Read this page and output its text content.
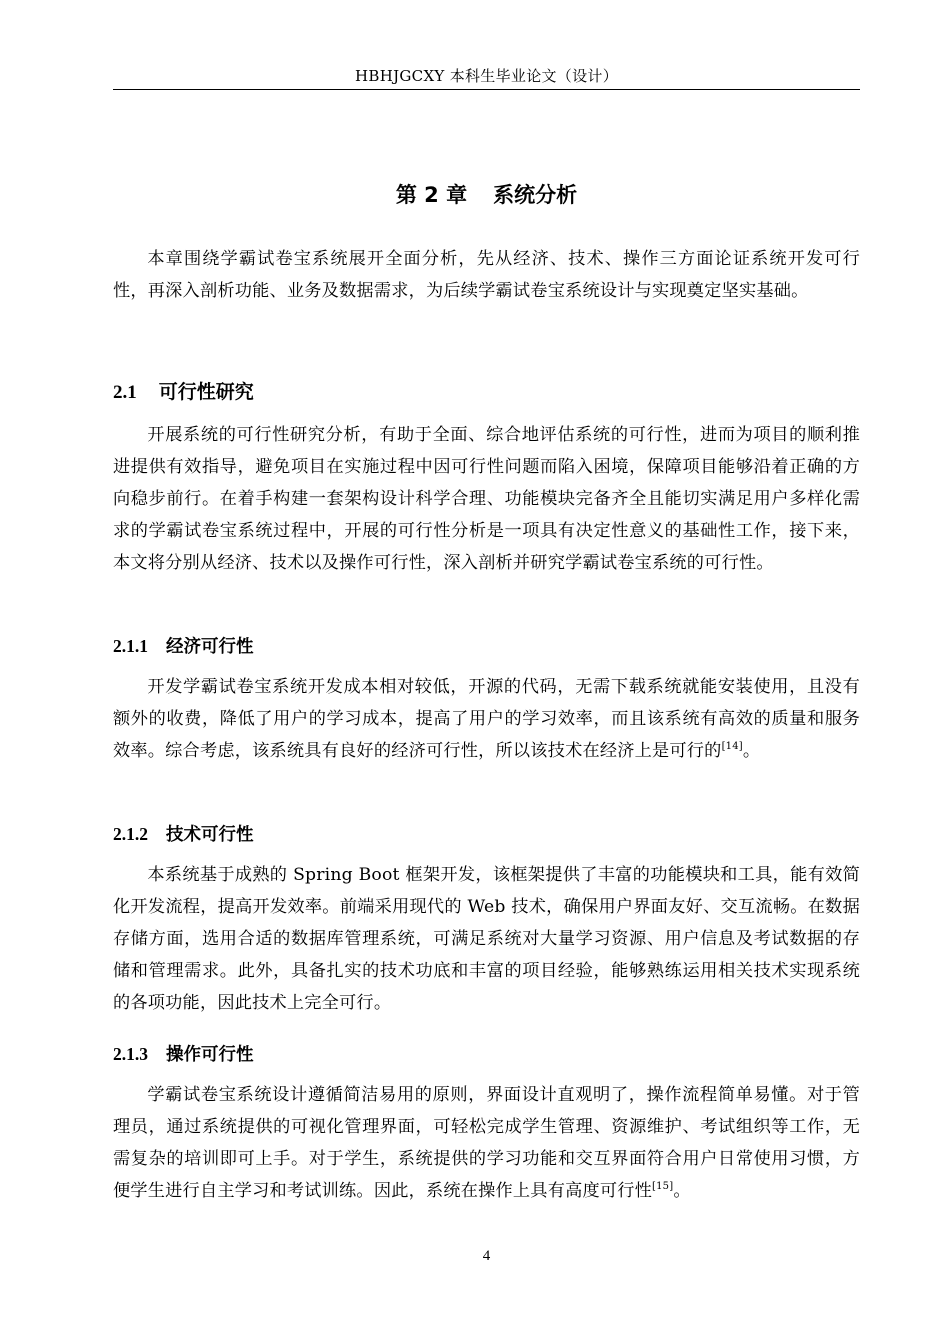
HBHJGCXY 本科生毕业论文（设计）
第 2 章 系统分析

本章围绕学霸试卷宝系统展开全面分析，先从经济、技术、操作三方面论证系统开发可行性，再深入剖析功能、业务及数据需求，为后续学霸试卷宝系统设计与实现奠定坚实基础。

2.1 可行性研究

开展系统的可行性研究分析，有助于全面、综合地评估系统的可行性，进而为项目的顺利推进提供有效指导，避免项目在实施过程中因可行性问题而陷入困境，保障项目能够沿着正确的方向稳步前行。在着手构建一套架构设计科学合理、功能模块完备齐全且能切实满足用户多样化需求的学霸试卷宝系统过程中，开展的可行性分析是一项具有决定性意义的基础性工作，接下来，本文将分别从经济、技术以及操作可行性，深入剖析并研究学霸试卷宝系统的可行性。

2.1.1 经济可行性

开发学霸试卷宝系统开发成本相对较低，开源的代码，无需下载系统就能安装使用，且没有额外的收费，降低了用户的学习成本，提高了用户的学习效率，而且该系统有高效的质量和服务效率。综合考虑，该系统具有良好的经济可行性，所以该技术在经济上是可行的[14]。

2.1.2 技术可行性

本系统基于成熟的 Spring Boot 框架开发，该框架提供了丰富的功能模块和工具，能有效简化开发流程，提高开发效率。前端采用现代的 Web 技术，确保用户界面友好、交互流畅。在数据存储方面，选用合适的数据库管理系统，可满足系统对大量学习资源、用户信息及考试数据的存储和管理需求。此外，具备扎实的技术功底和丰富的项目经验，能够熟练运用相关技术实现系统的各项功能，因此技术上完全可行。

2.1.3 操作可行性

学霸试卷宝系统设计遵循简洁易用的原则，界面设计直观明了，操作流程简单易懂。对于管理员，通过系统提供的可视化管理界面，可轻松完成学生管理、资源维护、考试组织等工作，无需复杂的培训即可上手。对于学生，系统提供的学习功能和交互界面符合用户日常使用习惯，方便学生进行自主学习和考试训练。因此，系统在操作上具有高度可行性[15]。

4
